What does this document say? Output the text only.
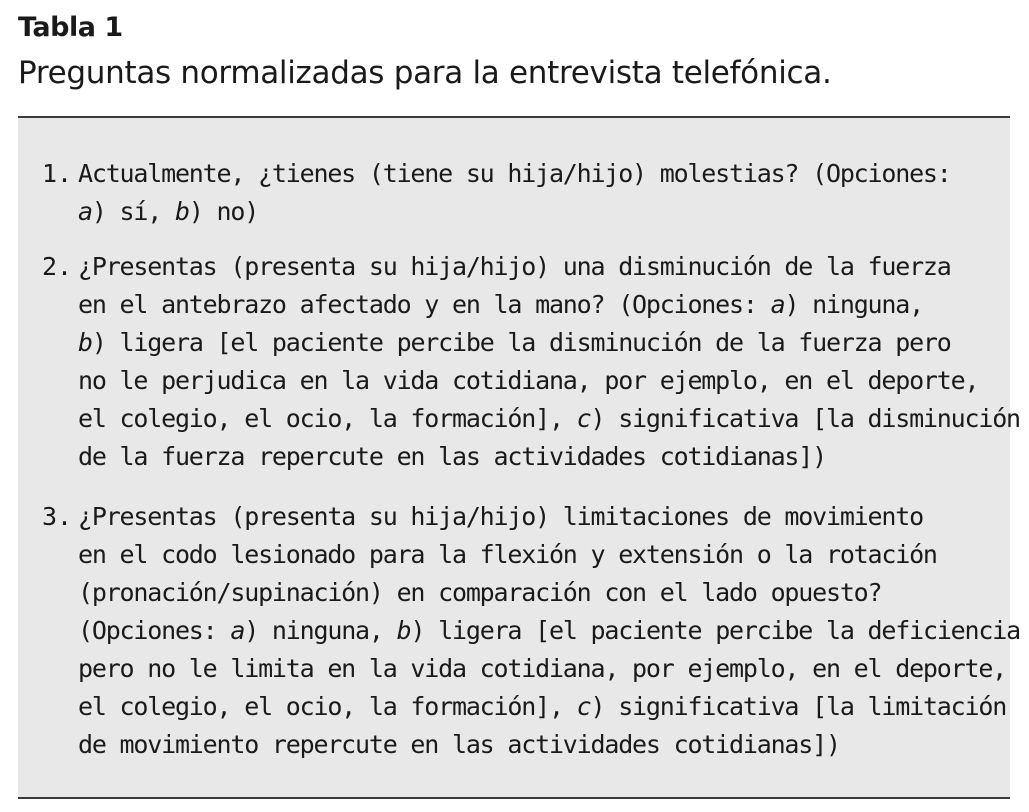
Tabla 1
Preguntas normalizadas para la entrevista telefónica.
1. Actualmente, ¿tienes (tiene su hija/hijo) molestias? (Opciones:
a) sí, b) no)
2. ¿Presentas (presenta su hija/hijo) una disminución de la fuerza
en el antebrazo afectado y en la mano? (Opciones: a) ninguna,
b) ligera [el paciente percibe la disminución de la fuerza pero
no le perjudica en la vida cotidiana, por ejemplo, en el deporte,
el colegio, el ocio, la formación], c) significativa [la disminución
de la fuerza repercute en las actividades cotidianas])
3. ¿Presentas (presenta su hija/hijo) limitaciones de movimiento
en el codo lesionado para la flexión y extensión o la rotación
(pronación/supinación) en comparación con el lado opuesto?
(Opciones: a) ninguna, b) ligera [el paciente percibe la deficiencia
pero no le limita en la vida cotidiana, por ejemplo, en el deporte,
el colegio, el ocio, la formación], c) significativa [la limitación
de movimiento repercute en las actividades cotidianas])
